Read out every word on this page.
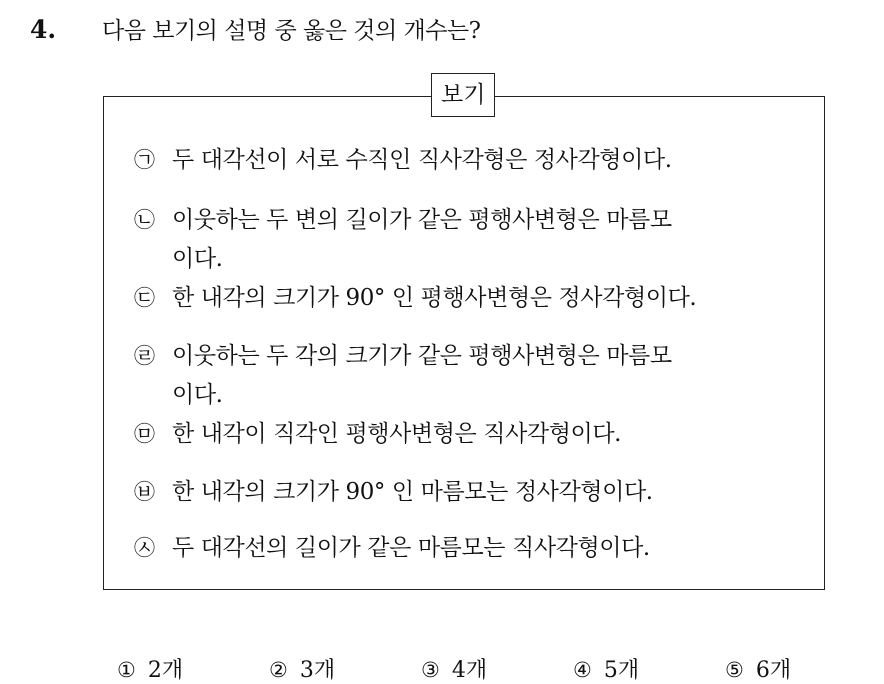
4.	다음 보기의 설명 중 옳은 것의 개수는?
보기
㉠ 두 대각선이 서로 수직인 직사각형은 정사각형이다.
㉡ 이웃하는 두 변의 길이가 같은 평행사변형은 마름모이다.
㉢ 한 내각의 크기가 90° 인 평행사변형은 정사각형이다.
㉣ 이웃하는 두 각의 크기가 같은 평행사변형은 마름모이다.
㉤ 한 내각이 직각인 평행사변형은 직사각형이다.
㉥ 한 내각의 크기가 90° 인 마름모는 정사각형이다.
㉦ 두 대각선의 길이가 같은 마름모는 직사각형이다.
① 2개	② 3개	③ 4개	④ 5개	⑤ 6개
